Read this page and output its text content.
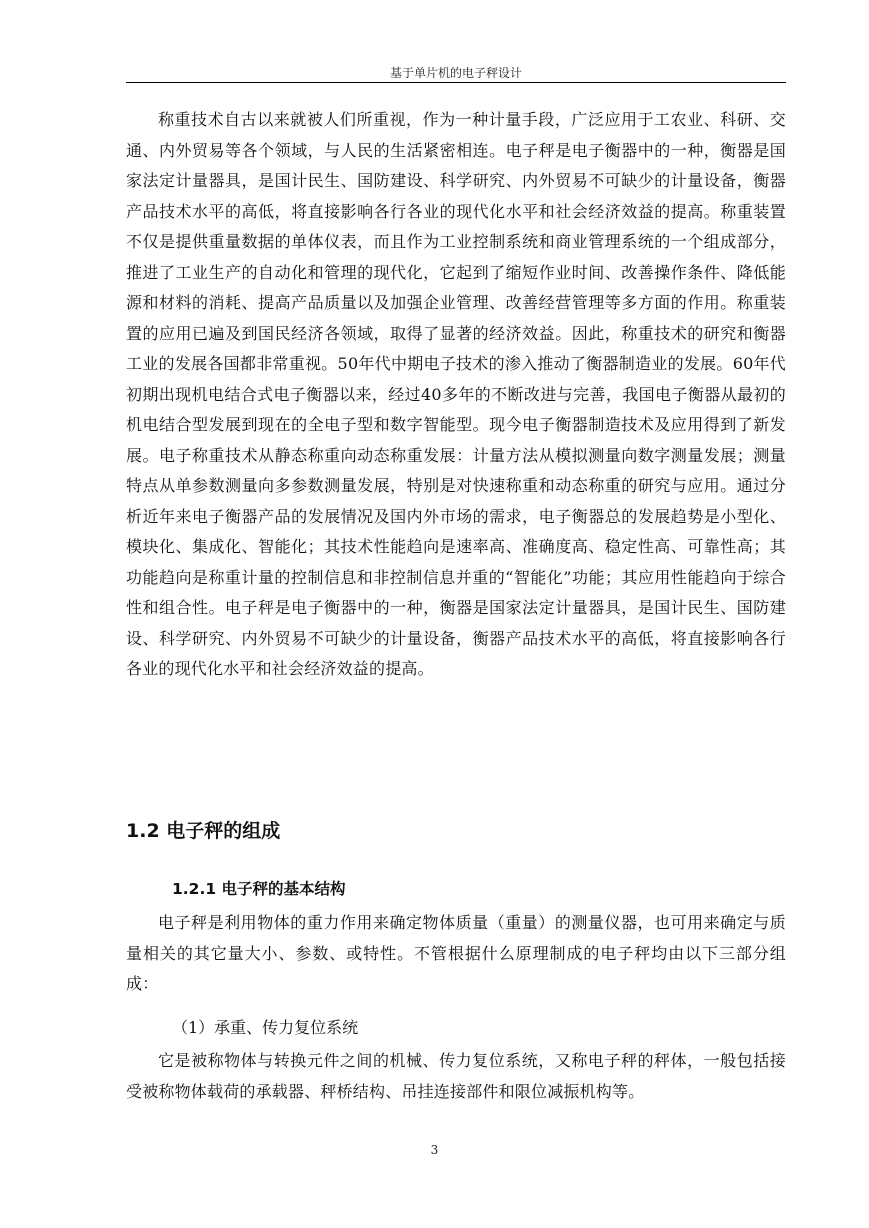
基于单片机的电子秤设计

称重技术自古以来就被人们所重视，作为一种计量手段，广泛应用于工农业、科研、交通、内外贸易等各个领域，与人民的生活紧密相连。电子秤是电子衡器中的一种，衡器是国家法定计量器具，是国计民生、国防建设、科学研究、内外贸易不可缺少的计量设备，衡器产品技术水平的高低，将直接影响各行各业的现代化水平和社会经济效益的提高。称重装置不仅是提供重量数据的单体仪表，而且作为工业控制系统和商业管理系统的一个组成部分，推进了工业生产的自动化和管理的现代化，它起到了缩短作业时间、改善操作条件、降低能源和材料的消耗、提高产品质量以及加强企业管理、改善经营管理等多方面的作用。称重装置的应用已遍及到国民经济各领域，取得了显著的经济效益。因此，称重技术的研究和衡器工业的发展各国都非常重视。50年代中期电子技术的渗入推动了衡器制造业的发展。60年代初期出现机电结合式电子衡器以来，经过40多年的不断改进与完善，我国电子衡器从最初的机电结合型发展到现在的全电子型和数字智能型。现今电子衡器制造技术及应用得到了新发展。电子称重技术从静态称重向动态称重发展：计量方法从模拟测量向数字测量发展；测量特点从单参数测量向多参数测量发展，特别是对快速称重和动态称重的研究与应用。通过分析近年来电子衡器产品的发展情况及国内外市场的需求，电子衡器总的发展趋势是小型化、模块化、集成化、智能化；其技术性能趋向是速率高、准确度高、稳定性高、可靠性高；其功能趋向是称重计量的控制信息和非控制信息并重的“智能化”功能；其应用性能趋向于综合性和组合性。电子秤是电子衡器中的一种，衡器是国家法定计量器具，是国计民生、国防建设、科学研究、内外贸易不可缺少的计量设备，衡器产品技术水平的高低，将直接影响各行各业的现代化水平和社会经济效益的提高。

1.2 电子秤的组成
1.2.1 电子秤的基本结构

电子秤是利用物体的重力作用来确定物体质量（重量）的测量仪器，也可用来确定与质量相关的其它量大小、参数、或特性。不管根据什么原理制成的电子秤均由以下三部分组成：

（1）承重、传力复位系统

它是被称物体与转换元件之间的机械、传力复位系统，又称电子秤的秤体，一般包括接受被称物体载荷的承载器、秤桥结构、吊挂连接部件和限位减振机构等。

3
